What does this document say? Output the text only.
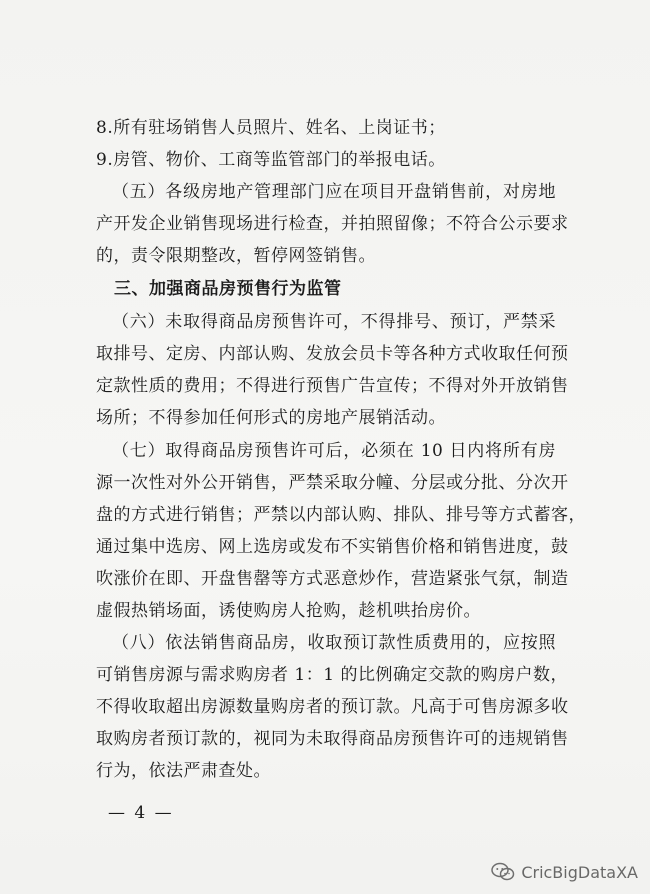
8.所有驻场销售人员照片、姓名、上岗证书；
9.房管、物价、工商等监管部门的举报电话。
（五）各级房地产管理部门应在项目开盘销售前，对房地
产开发企业销售现场进行检查，并拍照留像；不符合公示要求
的，责令限期整改，暂停网签销售。
三、加强商品房预售行为监管
（六）未取得商品房预售许可，不得排号、预订，严禁采
取排号、定房、内部认购、发放会员卡等各种方式收取任何预
定款性质的费用；不得进行预售广告宣传；不得对外开放销售
场所；不得参加任何形式的房地产展销活动。
（七）取得商品房预售许可后，必须在 10 日内将所有房
源一次性对外公开销售，严禁采取分幢、分层或分批、分次开
盘的方式进行销售；严禁以内部认购、排队、排号等方式蓄客，
通过集中选房、网上选房或发布不实销售价格和销售进度，鼓
吹涨价在即、开盘售罄等方式恶意炒作，营造紧张气氛，制造
虚假热销场面，诱使购房人抢购，趁机哄抬房价。
（八）依法销售商品房，收取预订款性质费用的，应按照
可销售房源与需求购房者 1：1 的比例确定交款的购房户数，
不得收取超出房源数量购房者的预订款。凡高于可售房源多收
取购房者预订款的，视同为未取得商品房预售许可的违规销售
行为，依法严肃查处。
— 4 —
CricBigDataXA
